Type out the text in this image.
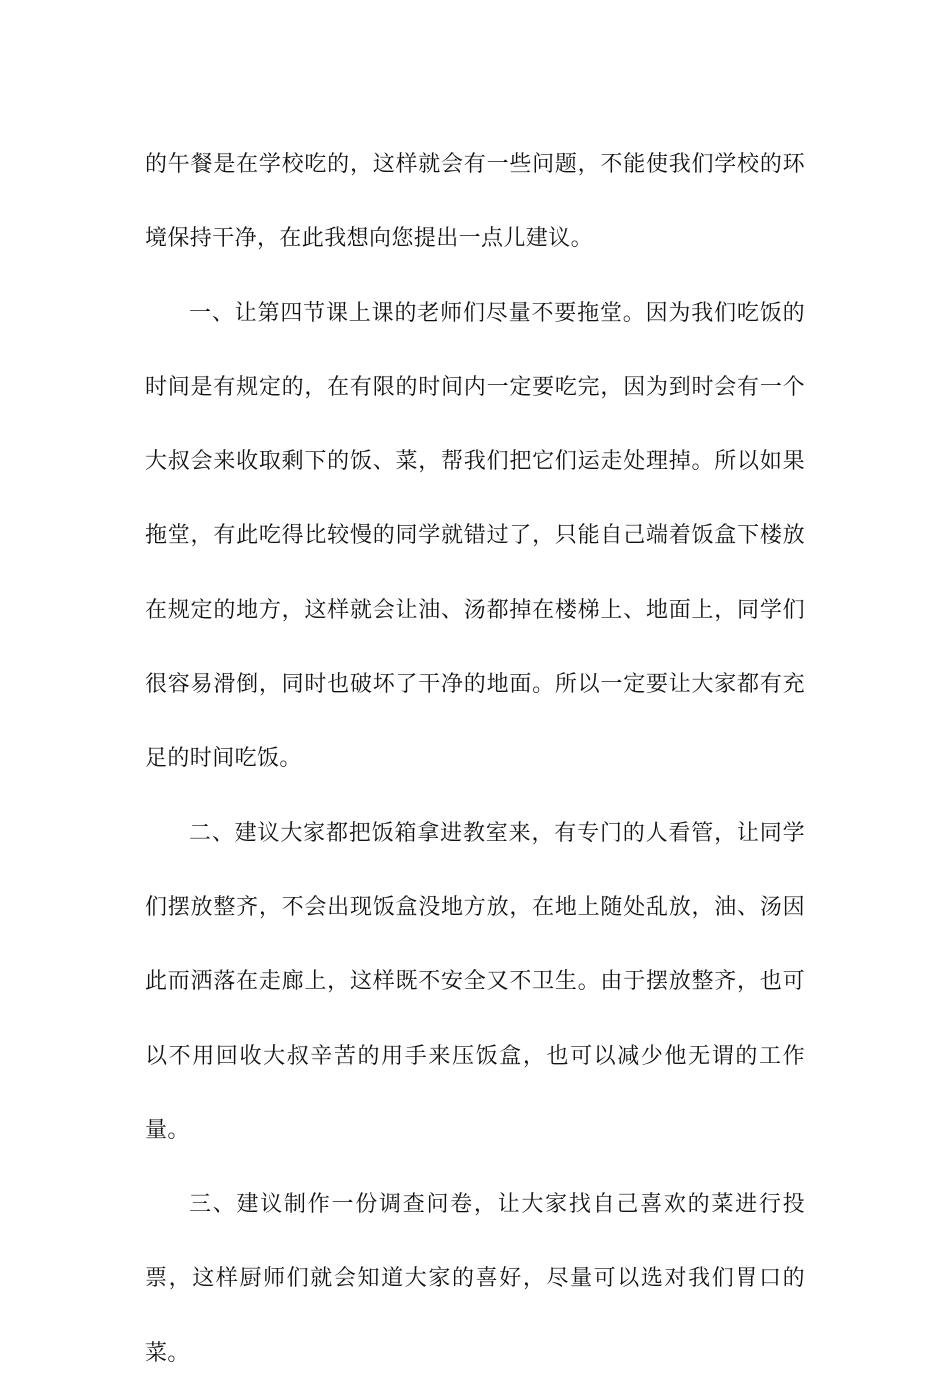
的午餐是在学校吃的，这样就会有一些问题，不能使我们学校的环境保持干净，在此我想向您提出一点儿建议。

一、让第四节课上课的老师们尽量不要拖堂。因为我们吃饭的时间是有规定的，在有限的时间内一定要吃完，因为到时会有一个大叔会来收取剩下的饭、菜，帮我们把它们运走处理掉。所以如果拖堂，有此吃得比较慢的同学就错过了，只能自己端着饭盒下楼放在规定的地方，这样就会让油、汤都掉在楼梯上、地面上，同学们很容易滑倒，同时也破坏了干净的地面。所以一定要让大家都有充足的时间吃饭。

二、建议大家都把饭箱拿进教室来，有专门的人看管，让同学们摆放整齐，不会出现饭盒没地方放，在地上随处乱放，油、汤因此而洒落在走廊上，这样既不安全又不卫生。由于摆放整齐，也可以不用回收大叔辛苦的用手来压饭盒，也可以减少他无谓的工作量。

三、建议制作一份调查问卷，让大家找自己喜欢的菜进行投票，这样厨师们就会知道大家的喜好，尽量可以选对我们胃口的菜。
